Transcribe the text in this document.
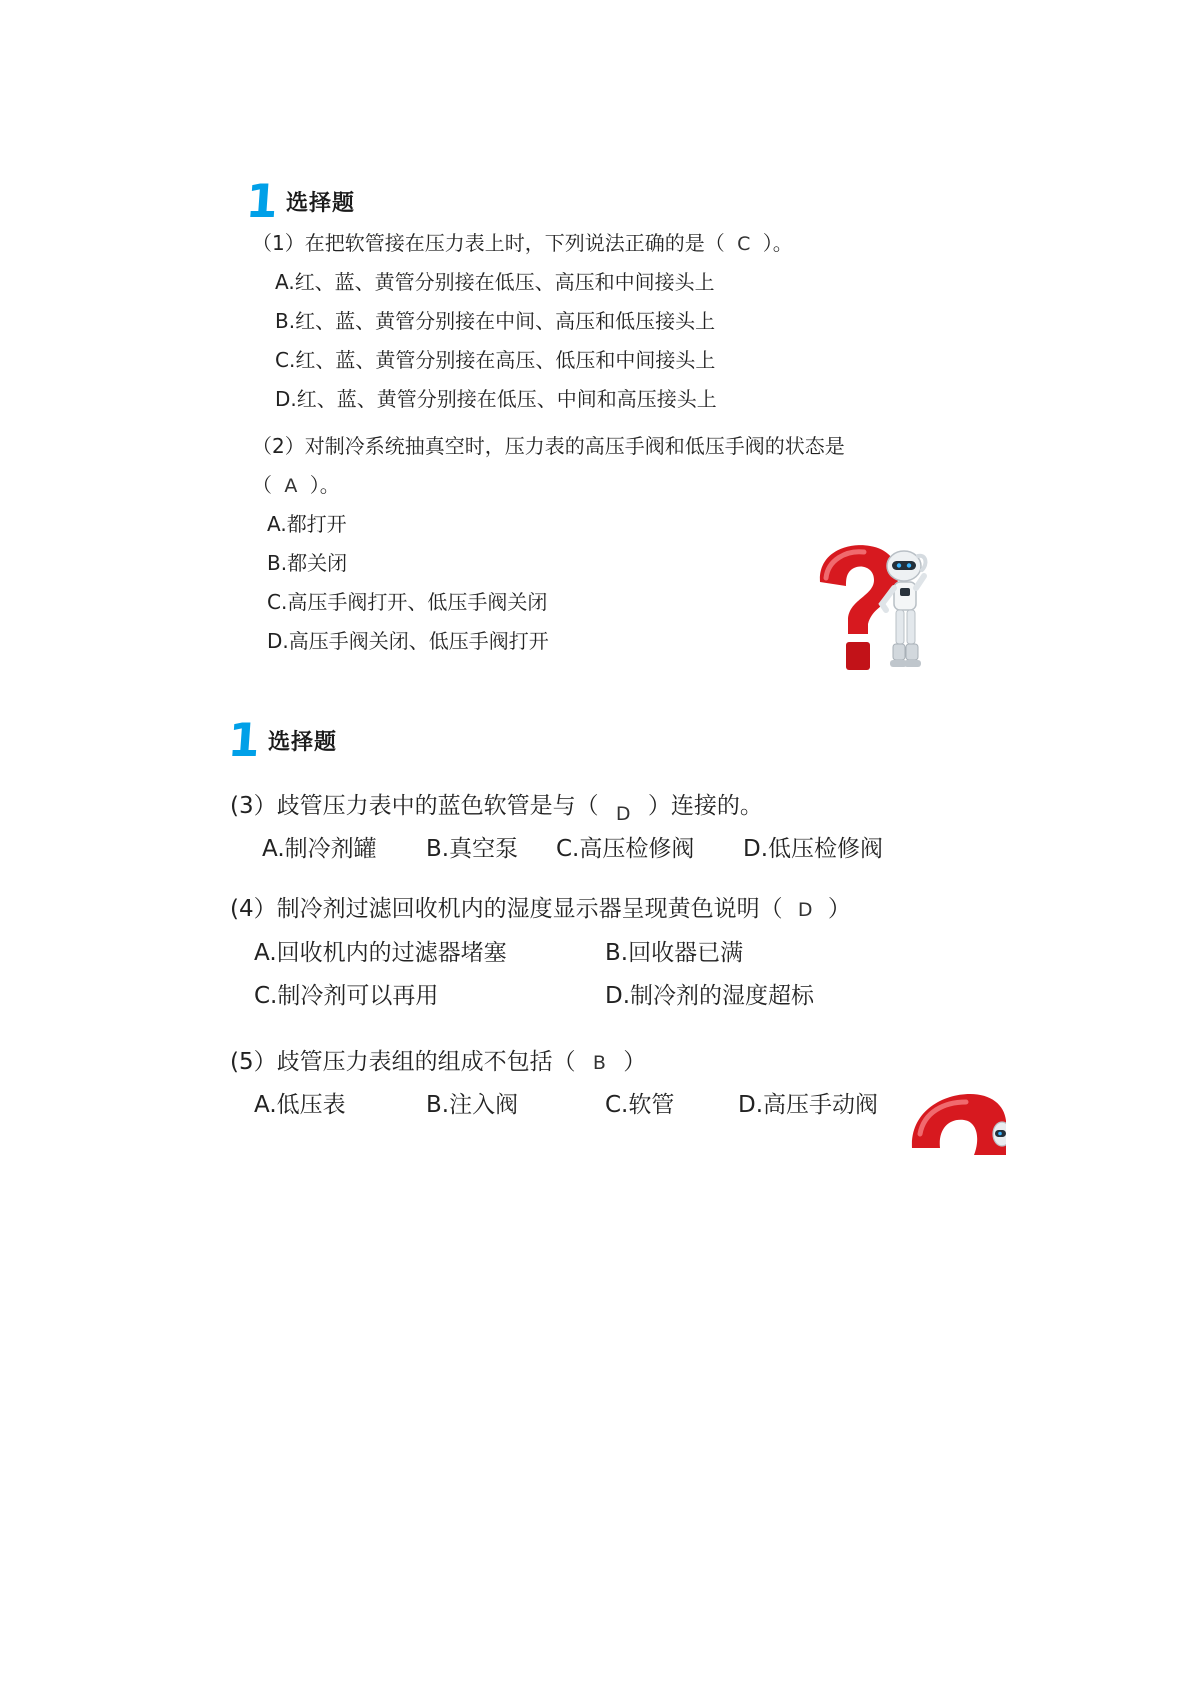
1 选择题
（1）在把软管接在压力表上时，下列说法正确的是（ C ）。
A.红、蓝、黄管分别接在低压、高压和中间接头上
B.红、蓝、黄管分别接在中间、高压和低压接头上
C.红、蓝、黄管分别接在高压、低压和中间接头上
D.红、蓝、黄管分别接在低压、中间和高压接头上
（2）对制冷系统抽真空时，压力表的高压手阀和低压手阀的状态是
（ A ）。
A.都打开
B.都关闭
C.高压手阀打开、低压手阀关闭
D.高压手阀关闭、低压手阀打开
1 选择题
(3）歧管压力表中的蓝色软管是与（ D ）连接的。
A.制冷剂罐 B.真空泵 C.高压检修阀 D.低压检修阀
(4）制冷剂过滤回收机内的湿度显示器呈现黄色说明（ D ）
A.回收机内的过滤器堵塞	B.回收器已满
C.制冷剂可以再用	D.制冷剂的湿度超标
(5）歧管压力表组的组成不包括（ B ）
A.低压表	B.注入阀	C.软管	D.高压手动阀
